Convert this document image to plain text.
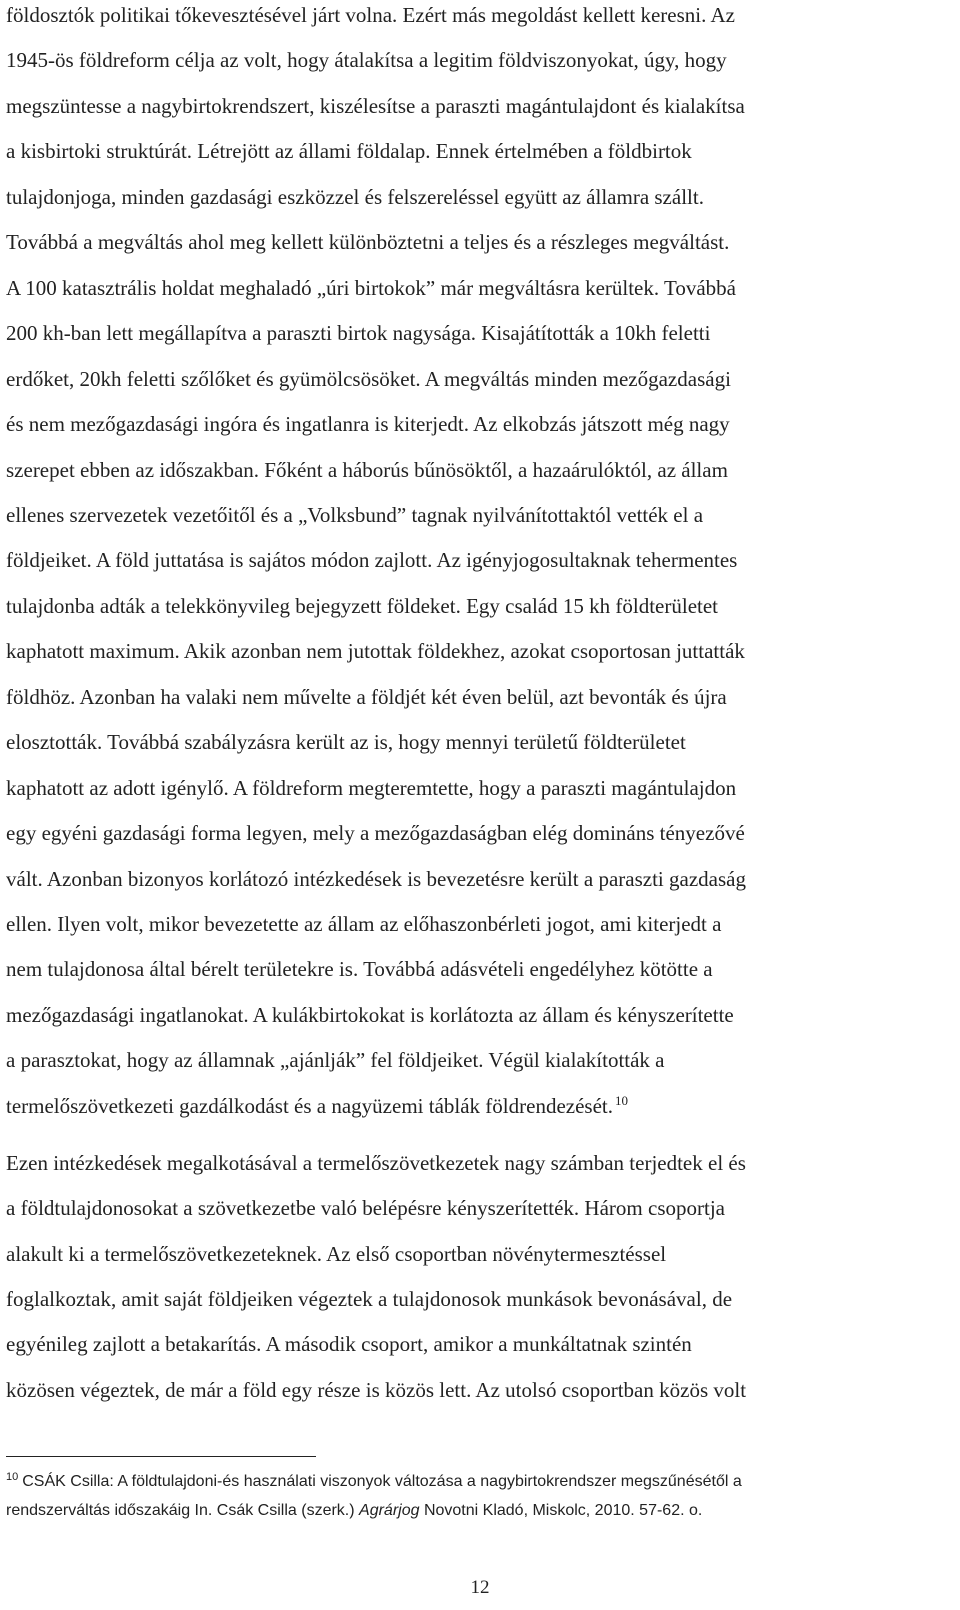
földosztók politikai tőkevesztésével járt volna. Ezért más megoldást kellett keresni. Az
1945-ös földreform célja az volt, hogy átalakítsa a legitim földviszonyokat, úgy, hogy
megszüntesse a nagybirtokrendszert, kiszélesítse a paraszti magántulajdont és kialakítsa
a kisbirtoki struktúrát. Létrejött az állami földalap. Ennek értelmében a földbirtok
tulajdonjoga, minden gazdasági eszközzel és felszereléssel együtt az államra szállt.
Továbbá a megváltás ahol meg kellett különböztetni a teljes és a részleges megváltást.
A 100 katasztrális holdat meghaladó „úri birtokok” már megváltásra kerültek. Továbbá
200 kh-ban lett megállapítva a paraszti birtok nagysága. Kisajátították a 10kh feletti
erdőket, 20kh feletti szőlőket és gyümölcsösöket. A megváltás minden mezőgazdasági
és nem mezőgazdasági ingóra és ingatlanra is kiterjedt. Az elkobzás játszott még nagy
szerepet ebben az időszakban. Főként a háborús bűnösöktől, a hazaárulóktól, az állam
ellenes szervezetek vezetőitől és a „Volksbund” tagnak nyilvánítottaktól vették el a
földjeiket. A föld juttatása is sajátos módon zajlott. Az igényjogosultaknak tehermentes
tulajdonba adták a telekkönyvileg bejegyzett földeket. Egy család 15 kh földterületet
kaphatott maximum. Akik azonban nem jutottak földekhez, azokat csoportosan juttatták
földhöz. Azonban ha valaki nem művelte a földjét két éven belül, azt bevonták és újra
elosztották. Továbbá szabályzásra került az is, hogy mennyi területű földterületet
kaphatott az adott igénylő. A földreform megteremtette, hogy a paraszti magántulajdon
egy egyéni gazdasági forma legyen, mely a mezőgazdaságban elég domináns tényezővé
vált. Azonban bizonyos korlátozó intézkedések is bevezetésre került a paraszti gazdaság
ellen. Ilyen volt, mikor bevezetette az állam az előhaszonbérleti jogot, ami kiterjedt a
nem tulajdonosa által bérelt területekre is. Továbbá adásvételi engedélyhez kötötte a
mezőgazdasági ingatlanokat. A kulákbirtokokat is korlátozta az állam és kényszerítette
a parasztokat, hogy az államnak „ajánlják” fel földjeiket. Végül kialakították a
termelőszövetkezeti gazdálkodást és a nagyüzemi táblák földrendezését. $^{10}$
Ezen intézkedések megalkotásával a termelőszövetkezetek nagy számban terjedtek el és
a földtulajdonosokat a szövetkezetbe való belépésre kényszerítették. Három csoportja
alakult ki a termelőszövetkezeteknek. Az első csoportban növénytermesztéssel
foglalkoztak, amit saját földjeiken végeztek a tulajdonosok munkások bevonásával, de
egyénileg zajlott a betakarítás. A második csoport, amikor a munkáltatnak szintén
közösen végeztek, de már a föld egy része is közös lett. Az utolsó csoportban közös volt
$^{10}$ CSÁK Csilla: A földtulajdoni-és használati viszonyok változása a nagybirtokrendszer megszűnésétől a
rendszerváltás időszakáig In. Csák Csilla (szerk.) Agrárjog Novotni Kladó, Miskolc, 2010. 57-62. o.
12
